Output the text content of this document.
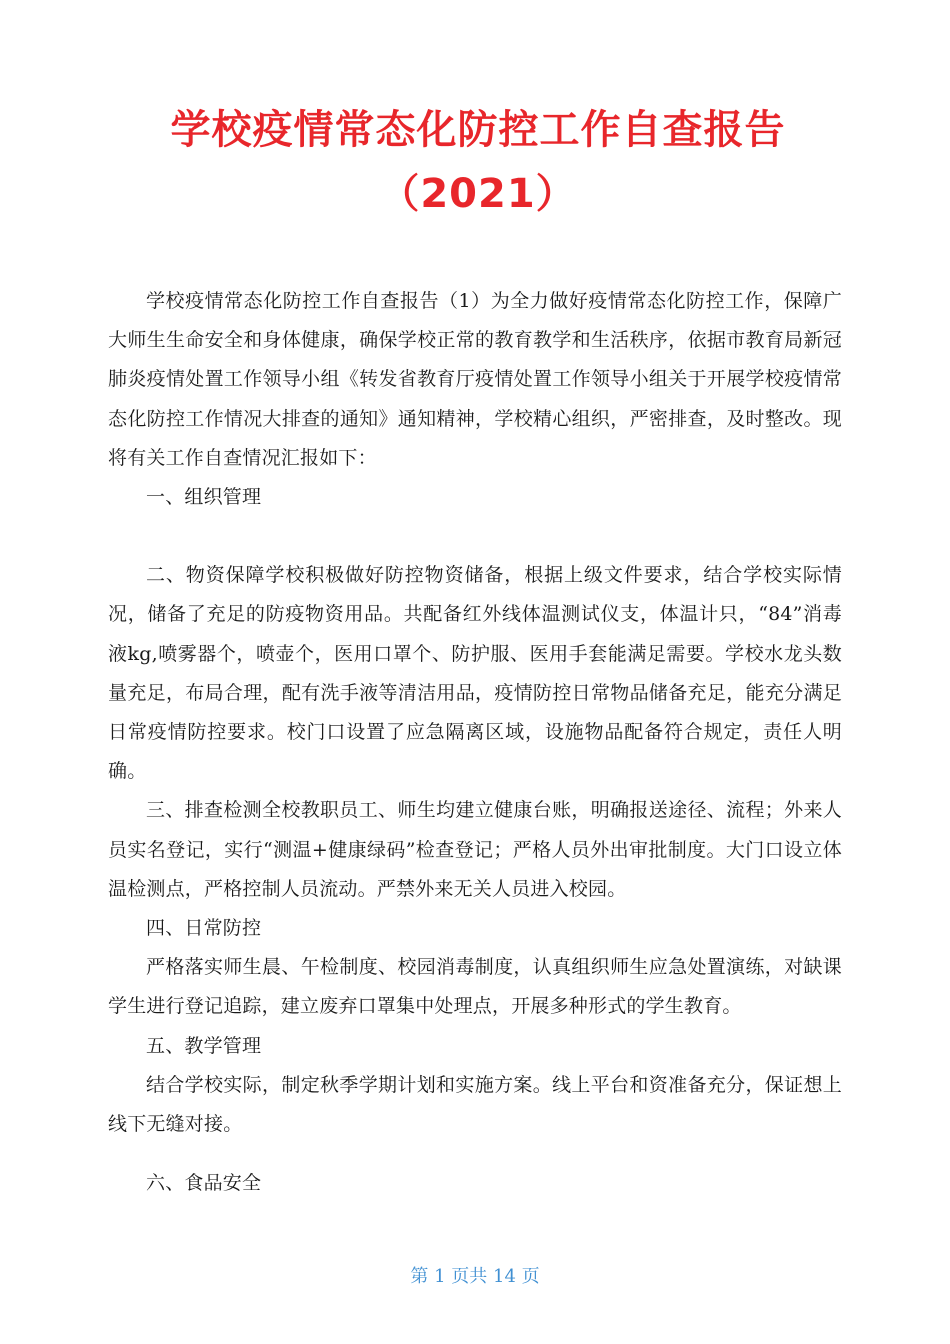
学校疫情常态化防控工作自查报告（2021）

学校疫情常态化防控工作自查报告（1）为全力做好疫情常态化防控工作，保障广大师生生命安全和身体健康，确保学校正常的教育教学和生活秩序，依据市教育局新冠肺炎疫情处置工作领导小组《转发省教育厅疫情处置工作领导小组关于开展学校疫情常态化防控工作情况大排查的通知》通知精神，学校精心组织，严密排查，及时整改。现将有关工作自查情况汇报如下：

一、组织管理

二、物资保障学校积极做好防控物资储备，根据上级文件要求，结合学校实际情况，储备了充足的防疫物资用品。共配备红外线体温测试仪支，体温计只，“84”消毒液kg,喷雾器个，喷壶个，医用口罩个、防护服、医用手套能满足需要。学校水龙头数量充足，布局合理，配有洗手液等清洁用品，疫情防控日常物品储备充足，能充分满足日常疫情防控要求。校门口设置了应急隔离区域，设施物品配备符合规定，责任人明确。

三、排查检测全校教职员工、师生均建立健康台账，明确报送途径、流程；外来人员实名登记，实行“测温+健康绿码”检查登记；严格人员外出审批制度。大门口设立体温检测点，严格控制人员流动。严禁外来无关人员进入校园。

四、日常防控

严格落实师生晨、午检制度、校园消毒制度，认真组织师生应急处置演练，对缺课学生进行登记追踪，建立废弃口罩集中处理点，开展多种形式的学生教育。

五、教学管理

结合学校实际，制定秋季学期计划和实施方案。线上平台和资准备充分，保证想上线下无缝对接。

六、食品安全

第 1 页共 14 页
